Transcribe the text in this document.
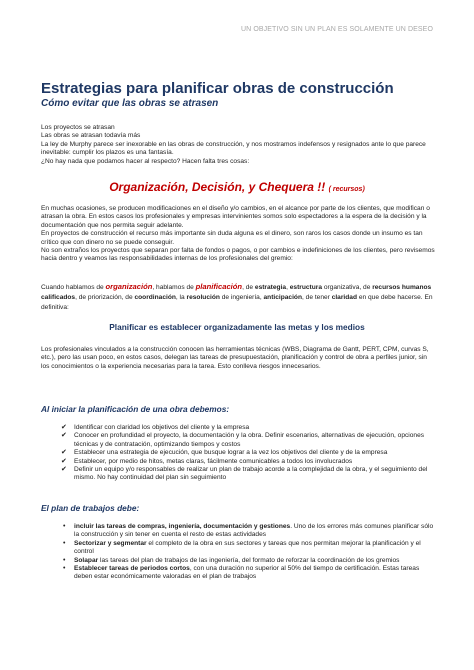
UN OBJETIVO SIN UN PLAN ES SOLAMENTE UN DESEO
Estrategias para planificar obras de construcción
Cómo evitar que las obras se atrasen

Los proyectos se atrasan

Las obras se atrasan todavía más

La ley de Murphy parece ser inexorable en las obras de construcción, y nos mostramos indefensos y resignados ante lo que parece inevitable: cumplir los plazos es una fantasía.

¿No hay nada que podamos hacer al respecto? Hacen falta tres cosas:

Organización, Decisión, y Chequera !! ( recursos)

En muchas ocasiones, se producen modificaciones en el diseño y/o cambios, en el alcance por parte de los clientes, que modifican o atrasan la obra. En estos casos los profesionales y empresas intervinientes somos solo espectadores a la espera de la decisión y la documentación que nos permita seguir adelante.

En proyectos de construcción el recurso más importante sin duda alguna es el dinero, son raros los casos donde un insumo es tan crítico que con dinero no se puede conseguir.

No son extraños los proyectos que separan por falta de fondos o pagos, o por cambios e indefiniciones de los clientes, pero revisemos hacia dentro y veamos las responsabilidades internas de los profesionales del gremio:

Cuando hablamos de organización, hablamos de planificación, de estrategia, estructura organizativa, de recursos humanos calificados, de priorización, de coordinación, la resolución de ingeniería, anticipación, de tener claridad en que debe hacerse. En definitiva:
Planificar es establecer organizadamente las metas y los medios

Los profesionales vinculados a la construcción conocen las herramientas técnicas (WBS, Diagrama de Gantt, PERT, CPM, curvas S, etc.), pero las usan poco, en estos casos, delegan las tareas de presupuestación, planificación y control de obra a perfiles junior, sin los conocimientos o la experiencia necesarias para la tarea. Esto conlleva riesgos innecesarios.

Al iniciar la planificación de una obra debemos:
✔	Identificar con claridad los objetivos del cliente y la empresa
✔	Conocer en profundidad el proyecto, la documentación y la obra. Definir escenarios, alternativas de ejecución, opciones técnicas y de contratación, optimizando tiempos y costos
✔	Establecer una estrategia de ejecución, que busque lograr a la vez los objetivos del cliente y de la empresa
✔	Establecer, por medio de hitos, metas claras, fácilmente comunicables a todos los involucrados
✔	Definir un equipo y/o responsables de realizar un plan de trabajo acorde a la complejidad de la obra, y el seguimiento del mismo. No hay continuidad del plan sin seguimiento
El plan de trabajos debe:
• incluir las tareas de compras, ingeniería, documentación y gestiones. Uno de los errores más comunes planificar sólo la construcción y sin tener en cuenta el resto de estas actividades
• Sectorizar y segmentar el completo de la obra en sus sectores y tareas que nos permitan mejorar la planificación y el control
• Solapar las tareas del plan de trabajos de las ingeniería, del formato de reforzar la coordinación de los gremios
• Establecer tareas de periodos cortos, con una duración no superior al 50% del tiempo de certificación. Estas tareas deben estar económicamente valoradas en el plan de trabajos
